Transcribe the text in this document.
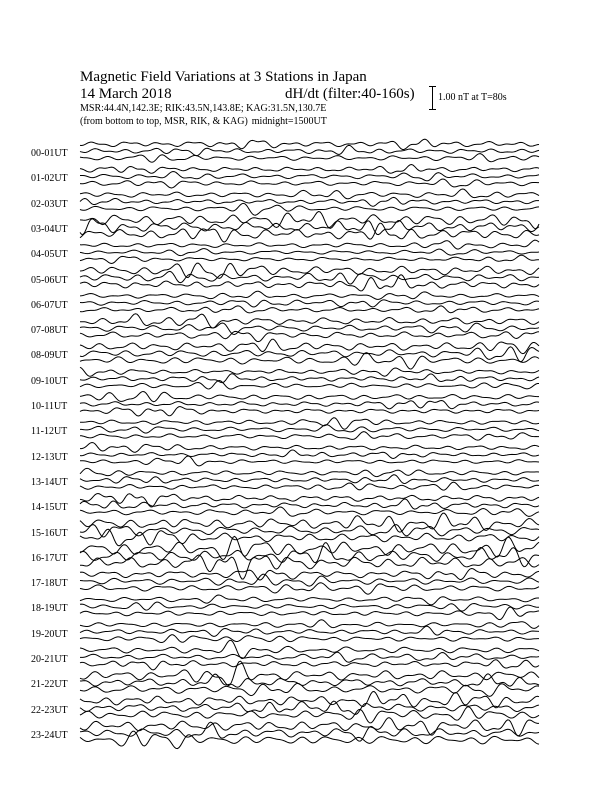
Magnetic Field Variations at 3 Stations in Japan
14 March 2018	dH/dt (filter:40-160s)
MSR:44.4N,142.3E; RIK:43.5N,143.8E; KAG:31.5N,130.7E
(from bottom to top, MSR, RIK, & KAG) midnight=1500UT
1.00 nT at T=80s
00-01UT
01-02UT
02-03UT
03-04UT
04-05UT
05-06UT
06-07UT
07-08UT
08-09UT
09-10UT
10-11UT
11-12UT
12-13UT
13-14UT
14-15UT
15-16UT
16-17UT
17-18UT
18-19UT
19-20UT
20-21UT
21-22UT
22-23UT
23-24UT
